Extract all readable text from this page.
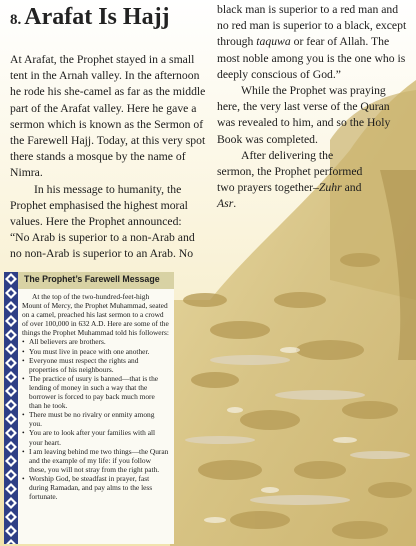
8. Arafat Is Hajj

At Arafat, the Prophet stayed in a small tent in the Arnah valley. In the afternoon he rode his she-camel as far as the middle part of the Arafat valley. Here he gave a sermon which is known as the Sermon of the Farewell Hajj. Today, at this very spot there stands a mosque by the name of Nimra.

In his message to humanity, the Prophet emphasised the highest moral values. Here the Prophet announced:

“No Arab is superior to a non-Arab and no non-Arab is superior to an Arab. No

black man is superior to a red man and no red man is superior to a black, except through taquwa or fear of Allah. The most noble among you is the one who is deeply conscious of God.”

While the Prophet was praying here, the very last verse of the Quran was revealed to him, and so the Holy Book was completed.

After delivering the sermon, the Prophet performed two prayers together–Zuhr and Asr.

The Prophet’s Farewell Message

At the top of the two-hundred-feet-high Mount of Mercy, the Prophet Muhammad, seated on a camel, preached his last sermon to a crowd of over 100,000 in 632 A.D. Here are some of the things the Prophet Muhammad told his followers:

• All believers are brothers.
• You must live in peace with one another.
• Everyone must respect the rights and properties of his neighbours.
• The practice of usury is banned—that is the lending of money in such a way that the borrower is forced to pay back much more than he took.
• There must be no rivalry or enmity among you.
• You are to look after your families with all your heart.
• I am leaving behind me two things—the Quran and the example of my life: if you follow these, you will not stray from the right path.
• Worship God, be steadfast in prayer, fast during Ramadan, and pay alms to the less fortunate.
